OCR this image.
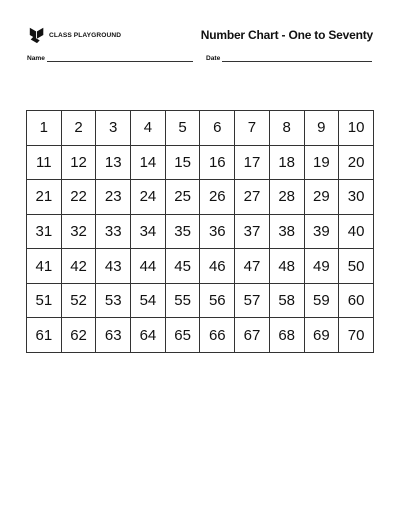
CLASS PLAYGROUND	Number Chart - One to Seventy
Name	Date
1	2	3	4	5	6	7	8	9	10
11	12	13	14	15	16	17	18	19	20
21	22	23	24	25	26	27	28	29	30
31	32	33	34	35	36	37	38	39	40
41	42	43	44	45	46	47	48	49	50
51	52	53	54	55	56	57	58	59	60
61	62	63	64	65	66	67	68	69	70
